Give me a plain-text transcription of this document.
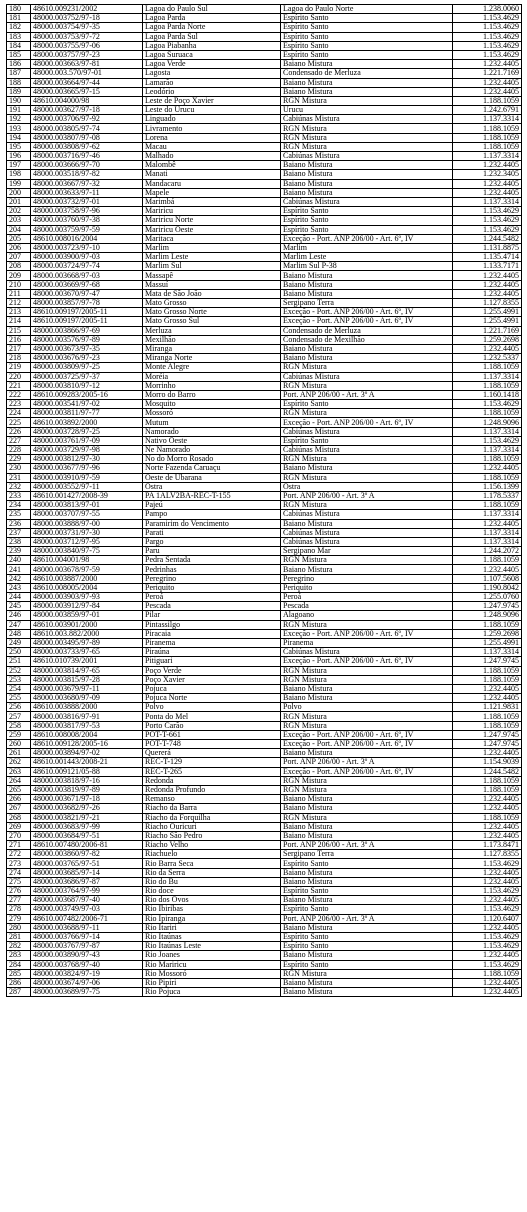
180	48610.009231/2002	Lagoa do Paulo Sul	Lagoa do Paulo Norte	1.238.0060
181	48000.003752/97-18	Lagoa Parda	Espírito Santo	1.153.4629
182	48000.003754/97-35	Lagoa Parda Norte	Espírito Santo	1.153.4629
183	48000.003753/97-72	Lagoa Parda Sul	Espírito Santo	1.153.4629
184	48000.003755/97-06	Lagoa Piabanha	Espírito Santo	1.153.4629
185	48000.003757/97-23	Lagoa Suruaca	Espírito Santo	1.153.4629
186	48000.003663/97-81	Lagoa Verde	Baiano Mistura	1.232.4405
187	48000.003.570/97-01	Lagosta	Condensado de Merluza	1.221.7169
188	48000.003664/97-44	Lamarão	Baiano Mistura	1.232.4405
189	48000.003665/97-15	Leodório	Baiano Mistura	1.232.4405
190	48610.004000/98	Leste de Poço Xavier	RGN Mistura	1.188.1059
191	48000.003627/97-18	Leste do Urucu	Urucu	1.242.6791
192	48000.003706/97-92	Linguado	Cabiúnas Mistura	1.137.3314
193	48000.003805/97-74	Livramento	RGN Mistura	1.188.1059
194	48000.003807/97-08	Lorena	RGN Mistura	1.188.1059
195	48000.003808/97-62	Macau	RGN Mistura	1.188.1059
196	48000.003716/97-46	Malhado	Cabiúnas Mistura	1.137.3314
197	48000.003666/97-70	Malombê	Baiano Mistura	1.232.4405
198	48000.003518/97-82	Manati	Baiano Mistura	1.232.3405
199	48000.003667/97-32	Mandacaru	Baiano Mistura	1.232.4405
200	48000.003633/97-11	Mapele	Baiano Mistura	1.232.4405
201	48000.003732/97-01	Marimbá	Cabiúnas Mistura	1.137.3314
202	48000.003758/97-96	Mariricu	Espírito Santo	1.153.4629
203	48000.003760/97-38	Mariricu Norte	Espírito Santo	1.153.4629
204	48000.003759/97-59	Mariricu Oeste	Espírito Santo	1.153.4629
205	48610.008016/2004	Maritaca	Exceção - Port. ANP 206/00 - Art. 6º, IV	1.244.5482
206	48000.003723/97-10	Marlim	Marlim	1.131.8875
207	48000.003900/97-03	Marlim Leste	Marlim Leste	1.135.4714
208	48000.003724/97-74	Marlim Sul	Marlim Sul P-38	1.133.7171
209	48000.003668/97-03	Massapê	Baiano Mistura	1.232.4405
210	48000.003669/97-68	Massuí	Baiano Mistura	1.232.4405
211	48000.003670/97-47	Mata de São João	Baiano Mistura	1.232.4405
212	48000.003857/97-78	Mato Grosso	Sergipano Terra	1.127.8355
213	48610.009197/2005-11	Mato Grosso Norte	Exceção - Port. ANP 206/00 - Art. 6º, IV	1.255.4991
214	48610.009197/2005-11	Mato Grosso Sul	Exceção - Port. ANP 206/00 - Art. 6º, IV	1.255.4991
215	48000.003866/97-69	Merluza	Condensado de Merluza	1.221.7169
216	48000.003576/97-89	Mexilhão	Condensado de Mexilhão	1.259.2698
217	48000.003673/97-35	Miranga	Baiano Mistura	1.232.4405
218	48000.003676/97-23	Miranga Norte	Baiano Mistura	1.232.5337
219	48000.003809/97-25	Monte Alegre	RGN Mistura	1.188.1059
220	48000.003725/97-37	Moréia	Cabiúnas Mistura	1.137.3314
221	48000.003810/97-12	Morrinho	RGN Mistura	1.188.1059
222	48610.009283/2005-16	Morro do Barro	Port. ANP 206/00 - Art. 3º A	1.160.1418
223	48000.003541/97-02	Mosquito	Espírito Santo	1.153.4629
224	48000.003811/97-77	Mossoró	RGN Mistura	1.188.1059
225	48610.003892/2000	Mutum	Exceção - Port. ANP 206/00 - Art. 6º, IV	1.248.9096
226	48000.003728/97-25	Namorado	Cabiúnas Mistura	1.137.3314
227	48000.003761/97-09	Nativo Oeste	Espírito Santo	1.153.4629
228	48000.003729/97-98	Ne Namorado	Cabiúnas Mistura	1.137.3314
229	48000.003812/97-30	No do Morro Rosado	RGN Mistura	1.188.1059
230	48000.003677/97-96	Norte Fazenda Caruaçu	Baiano Mistura	1.232.4405
231	48000.003910/97-59	Oeste de Ubarana	RGN Mistura	1.188.1059
232	48000.003552/97-11	Ostra	Ostra	1.156.1399
233	48610.001427/2008-39	PA 1ALV2BA-REC-T-155	Port. ANP 206/00 - Art. 3º A	1.178.5337
234	48000.003813/97-01	Pajeú	RGN Mistura	1.188.1059
235	48000.003707/97-55	Pampo	Cabiúnas Mistura	1.137.3314
236	48000.003888/97-00	Paramirim do Vencimento	Baiano Mistura	1.232.4405
237	48000.003731/97-30	Parati	Cabiúnas Mistura	1.137.3314
238	48000.003712/97-95	Pargo	Cabiúnas Mistura	1.137.3314
239	48000.003840/97-75	Paru	Sergipano Mar	1.244.2072
240	48610.004001/98	Pedra Sentada	RGN Mistura	1.188.1059
241	48000.003678/97-59	Pedrinhas	Baiano Mistura	1.232.4405
242	48610.003887/2000	Peregrino	Peregrino	1.107.5608
243	48610.008005/2004	Periquito	Periquito	1.190.8042
244	48000.003903/97-93	Peroá	Peroá	1.255.0760
245	48000.003912/97-84	Pescada	Pescada	1.247.9745
246	48000.003859/97-01	Pilar	Alagoano	1.248.9096
247	48610.003901/2000	Pintassilgo	RGN Mistura	1.188.1059
248	48610.003.882/2000	Piracaia	Exceção - Port. ANP 206/00 - Art. 6º, IV	1.259.2698
249	48000.003495/97-89	Piranema	Piranema	1.255.4991
250	48000.003733/97-65	Piraúna	Cabiúnas Mistura	1.137.3314
251	48610.010739/2001	Pitiguari	Exceção - Port. ANP 206/00 - Art. 6º, IV	1.247.9745
252	48000.003814/97-65	Poço Verde	RGN Mistura	1.188.1059
253	48000.003815/97-28	Poço Xavier	RGN Mistura	1.188.1059
254	48000.003679/97-11	Pojuca	Baiano Mistura	1.232.4405
255	48000.003680/97-09	Pojuca Norte	Baiano Mistura	1.232.4405
256	48610.003888/2000	Polvo	Polvo	1.121.9831
257	48000.003816/97-91	Ponta do Mel	RGN Mistura	1.188.1059
258	48000.003817/97-53	Porto Carão	RGN Mistura	1.188.1059
259	48610.008008/2004	POT-T-661	Exceção - Port. ANP 206/00 - Art. 6º, IV	1.247.9745
260	48610.009128/2005-16	POT-T-748	Exceção - Port. ANP 206/00 - Art. 6º, IV	1.247.9745
261	48000.003894/97-02	Quererá	Baiano Mistura	1.232.4405
262	48610.001443/2008-21	REC-T-129	Port. ANP 206/00 - Art. 3º A	1.154.9039
263	48610.009121/05-88	REC-T-265	Exceção - Port. ANP 206/00 - Art. 6º, IV	1.244.5482
264	48000.003818/97-16	Redonda	RGN Mistura	1.188.1059
265	48000.003819/97-89	Redonda Profundo	RGN Mistura	1.188.1059
266	48000.003671/97-18	Remanso	Baiano Mistura	1.232.4405
267	48000.003682/97-26	Riacho da Barra	Baiano Mistura	1.232.4405
268	48000.003821/97-21	Riacho da Forquilha	RGN Mistura	1.188.1059
269	48000.003683/97-99	Riacho Ouricuri	Baiano Mistura	1.232.4405
270	48000.003684/97-51	Riacho São Pedro	Baiano Mistura	1.232.4405
271	48610.007480/2006-81	Riacho Velho	Port. ANP 206/00 - Art. 3º A	1.173.8471
272	48000.003860/97-82	Riachuelo	Sergipano Terra	1.127.8355
273	48000.003765/97-51	Rio Barra Seca	Espírito Santo	1.153.4629
274	48000.003685/97-14	Rio da Serra	Baiano Mistura	1.232.4405
275	48000.003686/97-87	Rio do Bu	Baiano Mistura	1.232.4405
276	48000.003764/97-99	Rio doce	Espírito Santo	1.153.4629
277	48000.003687/97-40	Rio dos Ovos	Baiano Mistura	1.232.4405
278	48000.003749/97-03	Rio Ibiribas	Espírito Santo	1.153.4629
279	48610.007482/2006-71	Rio Ipiranga	Port. ANP 206/00 - Art. 3º A	1.120.6407
280	48000.003688/97-11	Rio Itariri	Baiano Mistura	1.232.4405
281	48000.003766/97-14	Rio Itaúnas	Espírito Santo	1.153.4629
282	48000.003767/97-87	Rio Itaúnas Leste	Espírito Santo	1.153.4629
283	48000.003890/97-43	Rio Joanes	Baiano Mistura	1.232.4405
284	48000.003768/97-40	Rio Mariricu	Espírito Santo	1.153.4629
285	48000.003824/97-19	Rio Mossoró	RGN Mistura	1.188.1059
286	48000.003674/97-06	Rio Pipiri	Baiano Mistura	1.232.4405
287	48000.003689/97-75	Rio Pojuca	Baiano Mistura	1.232.4405
